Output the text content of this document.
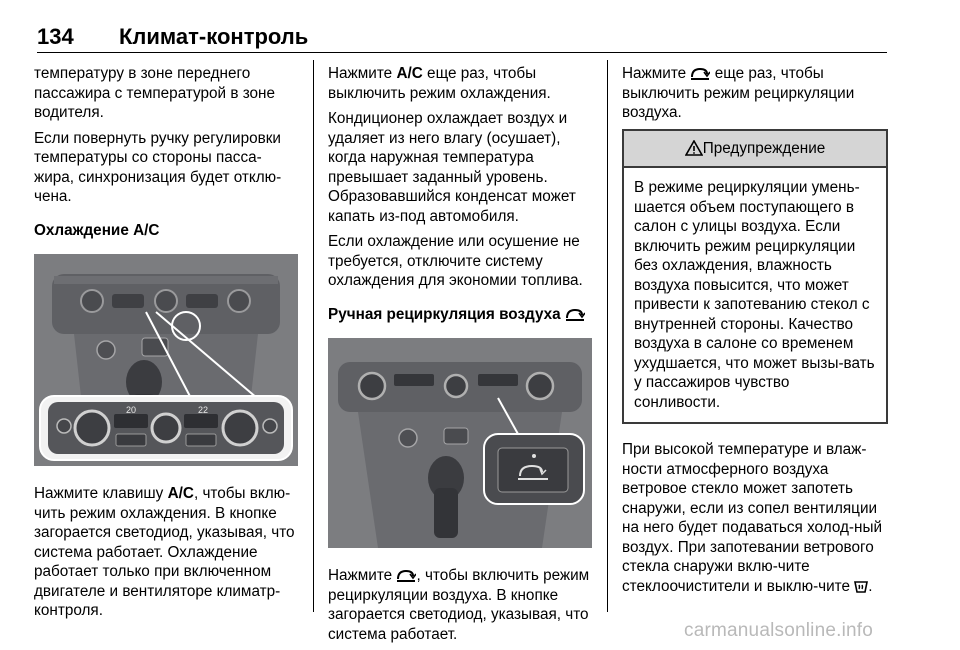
134 Климат-контроль

температуру в зоне переднего пассажира с температурой в зоне водителя.

Если повернуть ручку регулировки температуры со стороны пасса-жира, синхронизация будет отклю-чена.

Охлаждение A/C

20	22

Нажмите клавишу A/C, чтобы вклю-чить режим охлаждения. В кнопке загорается светодиод, указывая, что система работает. Охлаждение работает только при включенном двигателе и вентиляторе климатр-контроля.

Нажмите A/C еще раз, чтобы выключить режим охлаждения.

Кондиционер охлаждает воздух и удаляет из него влагу (осушает), когда наружная температура превышает заданный уровень. Образовавшийся конденсат может капать из-под автомобиля.

Если охлаждение или осушение не требуется, отключите систему охлаждения для экономии топлива.

Ручная рециркуляция воздуха

Нажмите
, чтобы включить режим рециркуляции воздуха. В кнопке загорается светодиод, указывая, что система работает.

Нажмите
еще раз, чтобы выключить режим рециркуляции воздуха.

Предупреждение
В режиме рециркуляции умень-шается объем поступающего в салон с улицы воздуха. Если включить режим рециркуляции без охлаждения, влажность воздуха повысится, что может привести к запотеванию стекол с внутренней стороны. Качество воздуха в салоне со временем ухудшается, что может вызы-вать у пассажиров чувство сонливости.

При высокой температуре и влаж-ности атмосферного воздуха ветровое стекло может запотеть снаружи, если из сопел вентиляции на него будет подаваться холод-ный воздух. При запотевании ветрового стекла снаружи вклю-чите стеклоочистители и выклю-чите
.

carmanualsonline.info
